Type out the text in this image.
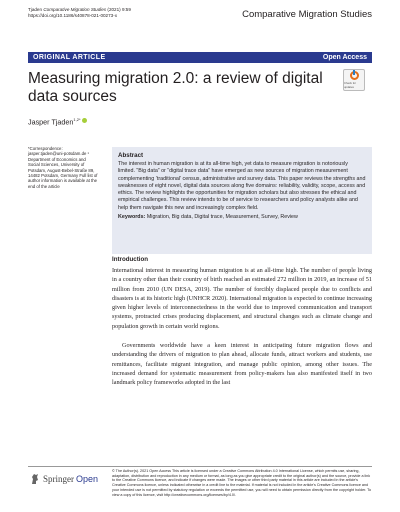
Tjaden Comparative Migration Studies (2021) 9:59
https://doi.org/10.1186/s40878-021-00273-x	Comparative Migration Studies
ORIGINAL ARTICLE	Open Access
Measuring migration 2.0: a review of digital data sources
Check for updates
Jasper Tjaden$^{1,2*}$
*Correspondence: jasper.tjaden@uni-potsdam.de ¹ Department of Economics and Social Sciences, University of Potsdam, August-Bebel-Straße 89, 14482 Potsdam, Germany Full list of author information is available at the end of the article
Abstract
The interest in human migration is at its all-time high, yet data to measure migration is notoriously limited. “Big data” or “digital trace data” have emerged as new sources of migration measurement complementing ‘traditional’ census, administrative and survey data. This paper reviews the strengths and weaknesses of eight novel, digital data sources along five domains: reliability, validity, scope, access and ethics. The review highlights the opportunities for migration scholars but also stresses the ethical and empirical challenges. This review intends to be of service to researchers and policy analysts alike and help them navigate this new and increasingly complex field.
Keywords: Migration, Big data, Digital trace, Measurement, Survey, Review
Introduction

International interest in measuring human migration is at an all-time high. The number of people living in a country other than their country of birth reached an estimated 272 million in 2019, an increase of 51 million from 2010 (UN DESA, 2019). The number of forcibly displaced people due to conflicts and disasters is at its historic high (UNHCR 2020). International migration is expected to continue increasing given higher levels of interconnectedness in the world due to improved communication and transport systems, protracted crises producing displacement, and structural changes such as climate change and population growth in certain world regions.

Governments worldwide have a keen interest in anticipating future migration flows and understanding the drivers of migration to plan ahead, allocate funds, attract workers and students, use remittances, facilitate migrant integration, and manage public opinion, among other issues. The increased demand for systematic measurement from policy-makers has also manifested itself in two landmark policy frameworks adopted in the last

Springer Open
© The Author(s). 2021 Open Access This article is licensed under a Creative Commons Attribution 4.0 International License, which permits use, sharing, adaptation, distribution and reproduction in any medium or format, as long as you give appropriate credit to the original author(s) and the source, provide a link to the Creative Commons licence, and indicate if changes were made. The images or other third party material in this article are included in the article's Creative Commons licence, unless indicated otherwise in a credit line to the material. If material is not included in the article's Creative Commons licence and your intended use is not permitted by statutory regulation or exceeds the permitted use, you will need to obtain permission directly from the copyright holder. To view a copy of this licence, visit http://creativecommons.org/licenses/by/4.0/.
